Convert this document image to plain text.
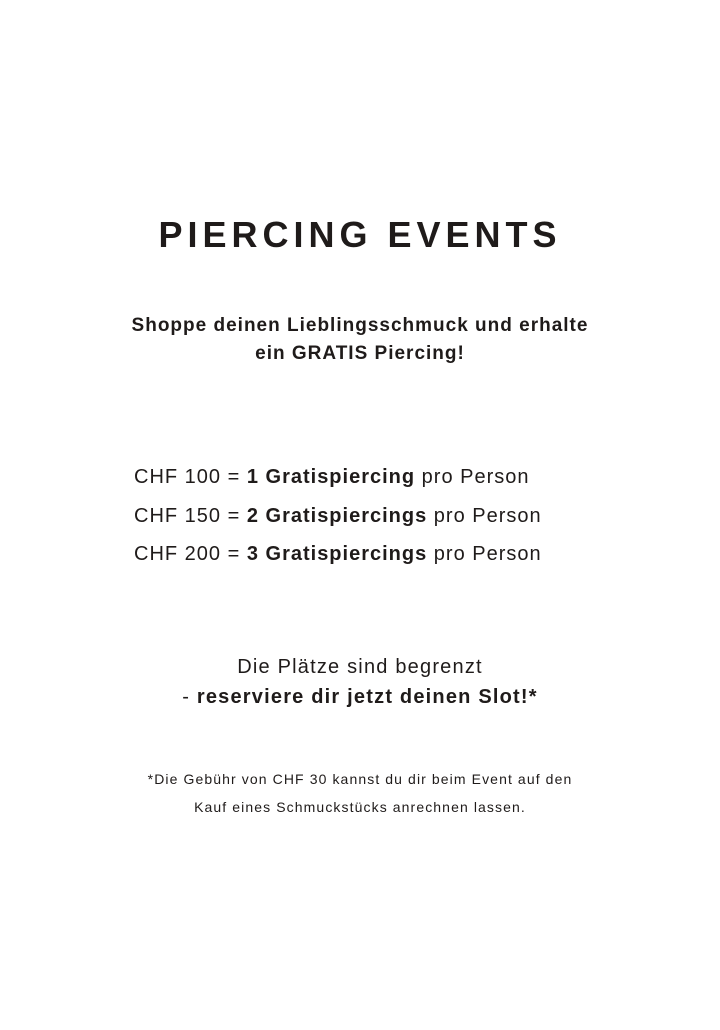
PIERCING EVENTS
Shoppe deinen Lieblingsschmuck und erhalte
ein GRATIS Piercing!
CHF 100 = 1 Gratispiercing pro Person
CHF 150 = 2 Gratispiercings pro Person
CHF 200 = 3 Gratispiercings pro Person
Die Plätze sind begrenzt
- reserviere dir jetzt deinen Slot!*
*Die Gebühr von CHF 30 kannst du dir beim Event auf den
Kauf eines Schmuckstücks anrechnen lassen.
